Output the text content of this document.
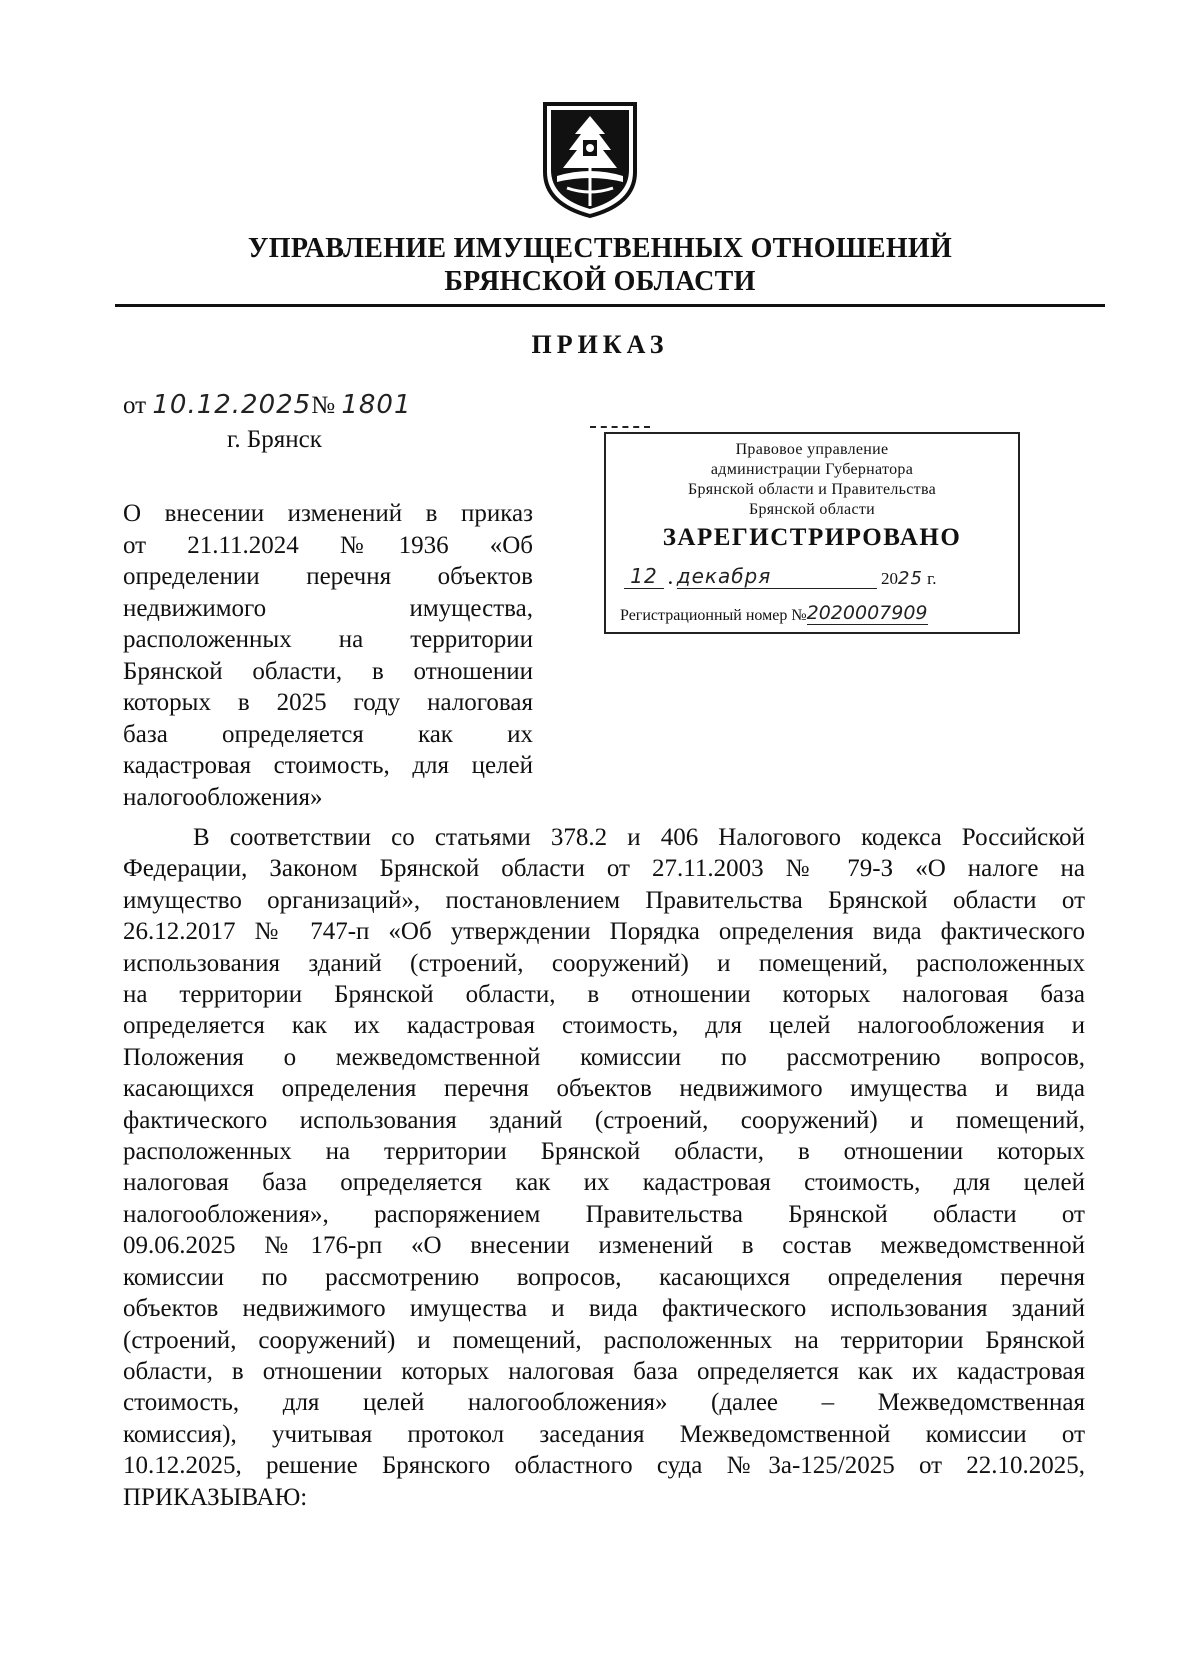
УПРАВЛЕНИЕ ИМУЩЕСТВЕННЫХ ОТНОШЕНИЙ
БРЯНСКОЙ ОБЛАСТИ
ПРИКАЗ
от 10.12.2025№ 1801
г. Брянск
О внесении изменений в приказ
от 21.11.2024 №1936 «Об
определении перечня объектов
недвижимого имущества,
расположенных на территории
Брянской области, в отношении
которых в 2025 году налоговая
база определяется как их
кадастровая стоимость, для целей
налогообложения»
Правовое управление
администрации Губернатора
Брянской области и Правительства
Брянской области
ЗАРЕГИСТРИРОВАНО
12 . декабря	2025 г.
Регистрационный номер №2020007909
В соответствии со статьями 378.2 и 406 Налогового кодекса Российской
Федерации, Законом Брянской области от 27.11.2003 № 79-З «О налоге на
имущество организаций», постановлением Правительства Брянской области от
26.12.2017 № 747-п «Об утверждении Порядка определения вида фактического
использования зданий (строений, сооружений) и помещений, расположенных
на территории Брянской области, в отношении которых налоговая база
определяется как их кадастровая стоимость, для целей налогообложения и
Положения о межведомственной комиссии по рассмотрению вопросов,
касающихся определения перечня объектов недвижимого имущества и вида
фактического использования зданий (строений, сооружений) и помещений,
расположенных на территории Брянской области, в отношении которых
налоговая база определяется как их кадастровая стоимость, для целей
налогообложения», распоряжением Правительства Брянской области от
09.06.2025 №176-рп «О внесении изменений в состав межведомственной
комиссии по рассмотрению вопросов, касающихся определения перечня
объектов недвижимого имущества и вида фактического использования зданий
(строений, сооружений) и помещений, расположенных на территории Брянской
области, в отношении которых налоговая база определяется как их кадастровая
стоимость, для целей налогообложения» (далее – Межведомственная
комиссия), учитывая протокол заседания Межведомственной комиссии от
10.12.2025, решение Брянского областного суда №3а-125/2025 от 22.10.2025,
ПРИКАЗЫВАЮ:
